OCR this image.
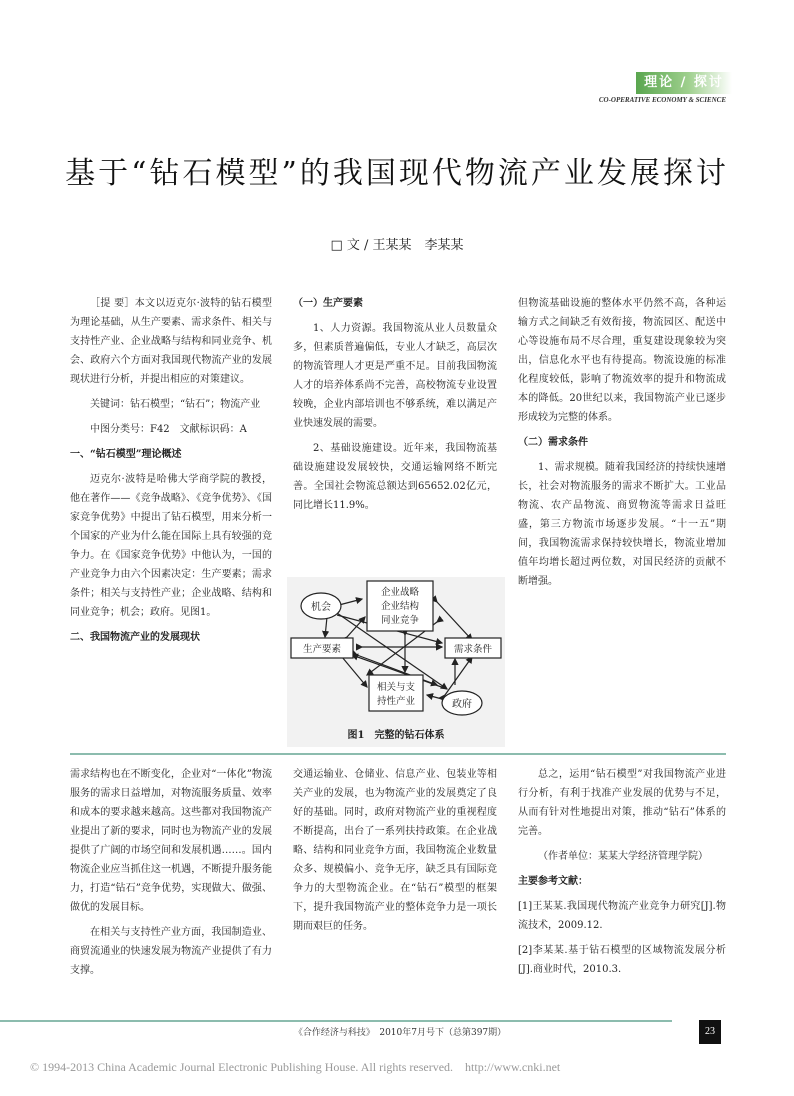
理论 / 探讨
CO-OPERATIVE ECONOMY & SCIENCE
基于“钻石模型”的我国现代物流产业发展探讨
□ 文 / 王某某　李某某

［提 要］本文以迈克尔·波特的钻石模型为理论基础，从生产要素、需求条件、相关与支持性产业、企业战略与结构和同业竞争、机会、政府六个方面对我国现代物流产业的发展现状进行分析，并提出相应的对策建议。

关键词：钻石模型；“钻石”；物流产业

中图分类号：F42　文献标识码：A

一、“钻石模型”理论概述

迈克尔·波特是哈佛大学商学院的教授，他在著作——《竞争战略》、《竞争优势》、《国家竞争优势》中提出了钻石模型，用来分析一个国家的产业为什么能在国际上具有较强的竞争力。在《国家竞争优势》中他认为，一国的产业竞争力由六个因素决定：生产要素；需求条件；相关与支持性产业；企业战略、结构和同业竞争；机会；政府。见图1。

二、我国物流产业的发展现状

（一）生产要素

1、人力资源。我国物流从业人员数量众多，但素质普遍偏低，专业人才缺乏，高层次的物流管理人才更是严重不足。目前我国物流人才的培养体系尚不完善，高校物流专业设置较晚，企业内部培训也不够系统，难以满足产业快速发展的需要。

2、基础设施建设。近年来，我国物流基础设施建设发展较快，交通运输网络不断完善。全国社会物流总额达到65652.02亿元，同比增长11.9%。

但物流基础设施的整体水平仍然不高，各种运输方式之间缺乏有效衔接，物流园区、配送中心等设施布局不尽合理，重复建设现象较为突出，信息化水平也有待提高。物流设施的标准化程度较低，影响了物流效率的提升和物流成本的降低。20世纪以来，我国物流产业已逐步形成较为完整的体系。

（二）需求条件

1、需求规模。随着我国经济的持续快速增长，社会对物流服务的需求不断扩大。工业品物流、农产品物流、商贸物流等需求日益旺盛，第三方物流市场逐步发展。“十一五”期间，我国物流需求保持较快增长，物流业增加值年均增长超过两位数，对国民经济的贡献不断增强。

机会
企业战略
企业结构
同业竞争
生产要素	需求条件
相关与支
持性产业	政府
图1　完整的钻石体系

需求结构也在不断变化，企业对“一体化”物流服务的需求日益增加，对物流服务质量、效率和成本的要求越来越高。这些都对我国物流产业提出了新的要求，同时也为物流产业的发展提供了广阔的市场空间和发展机遇……。国内物流企业应当抓住这一机遇，不断提升服务能力，打造“钻石”竞争优势，实现做大、做强、做优的发展目标。

在相关与支持性产业方面，我国制造业、商贸流通业的快速发展为物流产业提供了有力支撑。

交通运输业、仓储业、信息产业、包装业等相关产业的发展，也为物流产业的发展奠定了良好的基础。同时，政府对物流产业的重视程度不断提高，出台了一系列扶持政策。在企业战略、结构和同业竞争方面，我国物流企业数量众多、规模偏小、竞争无序，缺乏具有国际竞争力的大型物流企业。在“钻石”模型的框架下，提升我国物流产业的整体竞争力是一项长期而艰巨的任务。

总之，运用“钻石模型”对我国物流产业进行分析，有利于找准产业发展的优势与不足，从而有针对性地提出对策，推动“钻石”体系的完善。

（作者单位：某某大学经济管理学院）

主要参考文献：

[1]王某某.我国现代物流产业竞争力研究[J].物流技术，2009.12.

[2]李某某.基于钻石模型的区域物流发展分析[J].商业时代，2010.3.

《合作经济与科技》　2010年7月号下（总第397期）	23
© 1994-2013 China Academic Journal Electronic Publishing House. All rights reserved.　http://www.cnki.net
